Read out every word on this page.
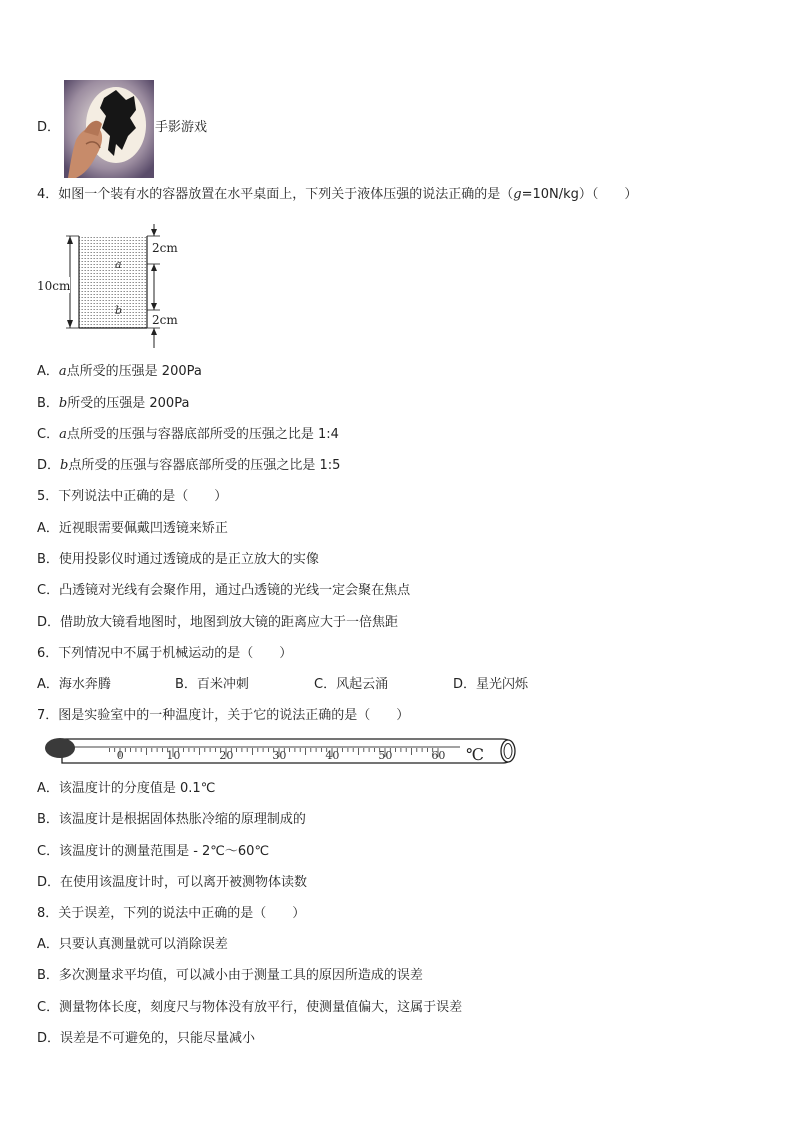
D．	手影游戏
4．如图一个装有水的容器放置在水平桌面上，下列关于液体压强的说法正确的是（g=10N/kg）（　　）
10cm
2cm
2cm
a
b
A．a点所受的压强是 200Pa
B．b所受的压强是 200Pa
C．a点所受的压强与容器底部所受的压强之比是 1:4
D．b点所受的压强与容器底部所受的压强之比是 1:5
5．下列说法中正确的是（　　）
A．近视眼需要佩戴凹透镜来矫正
B．使用投影仪时通过透镜成的是正立放大的实像
C．凸透镜对光线有会聚作用，通过凸透镜的光线一定会聚在焦点
D．借助放大镜看地图时，地图到放大镜的距离应大于一倍焦距
6．下列情况中不属于机械运动的是（　　）
A．海水奔腾	B．百米冲刺	C．风起云涌	D．星光闪烁
7．图是实验室中的一种温度计，关于它的说法正确的是（　　）
0	10	20	30	40	50	60 ℃
A．该温度计的分度值是 0.1℃
B．该温度计是根据固体热胀冷缩的原理制成的
C．该温度计的测量范围是 - 2℃～60℃
D．在使用该温度计时，可以离开被测物体读数
8．关于误差，下列的说法中正确的是（　　）
A．只要认真测量就可以消除误差
B．多次测量求平均值，可以减小由于测量工具的原因所造成的误差
C．测量物体长度，刻度尺与物体没有放平行，使测量值偏大，这属于误差
D．误差是不可避免的，只能尽量减小
